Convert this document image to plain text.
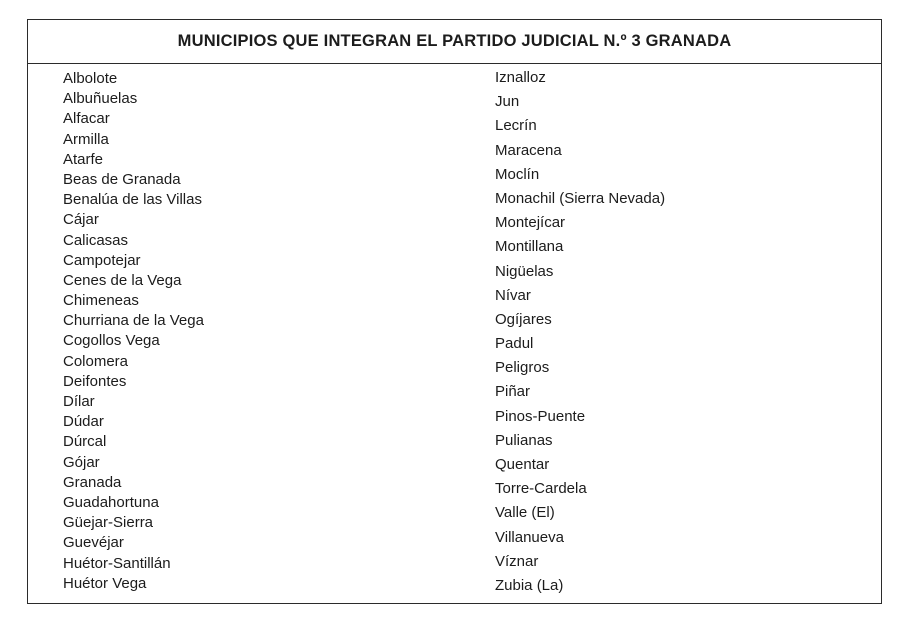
MUNICIPIOS QUE INTEGRAN EL PARTIDO JUDICIAL N.º 3 GRANADA
Albolote
Albuñuelas
Alfacar
Armilla
Atarfe
Beas de Granada
Benalúa de las Villas
Cájar
Calicasas
Campotejar
Cenes de la Vega
Chimeneas
Churriana de la Vega
Cogollos Vega
Colomera
Deifontes
Dílar
Dúdar
Dúrcal
Gójar
Granada
Guadahortuna
Güejar-Sierra
Guevéjar
Huétor-Santillán
Huétor Vega
Iznalloz
Jun
Lecrín
Maracena
Moclín
Monachil (Sierra Nevada)
Montejícar
Montillana
Nigüelas
Nívar
Ogíjares
Padul
Peligros
Piñar
Pinos-Puente
Pulianas
Quentar
Torre-Cardela
Valle (El)
Villanueva
Víznar
Zubia (La)
